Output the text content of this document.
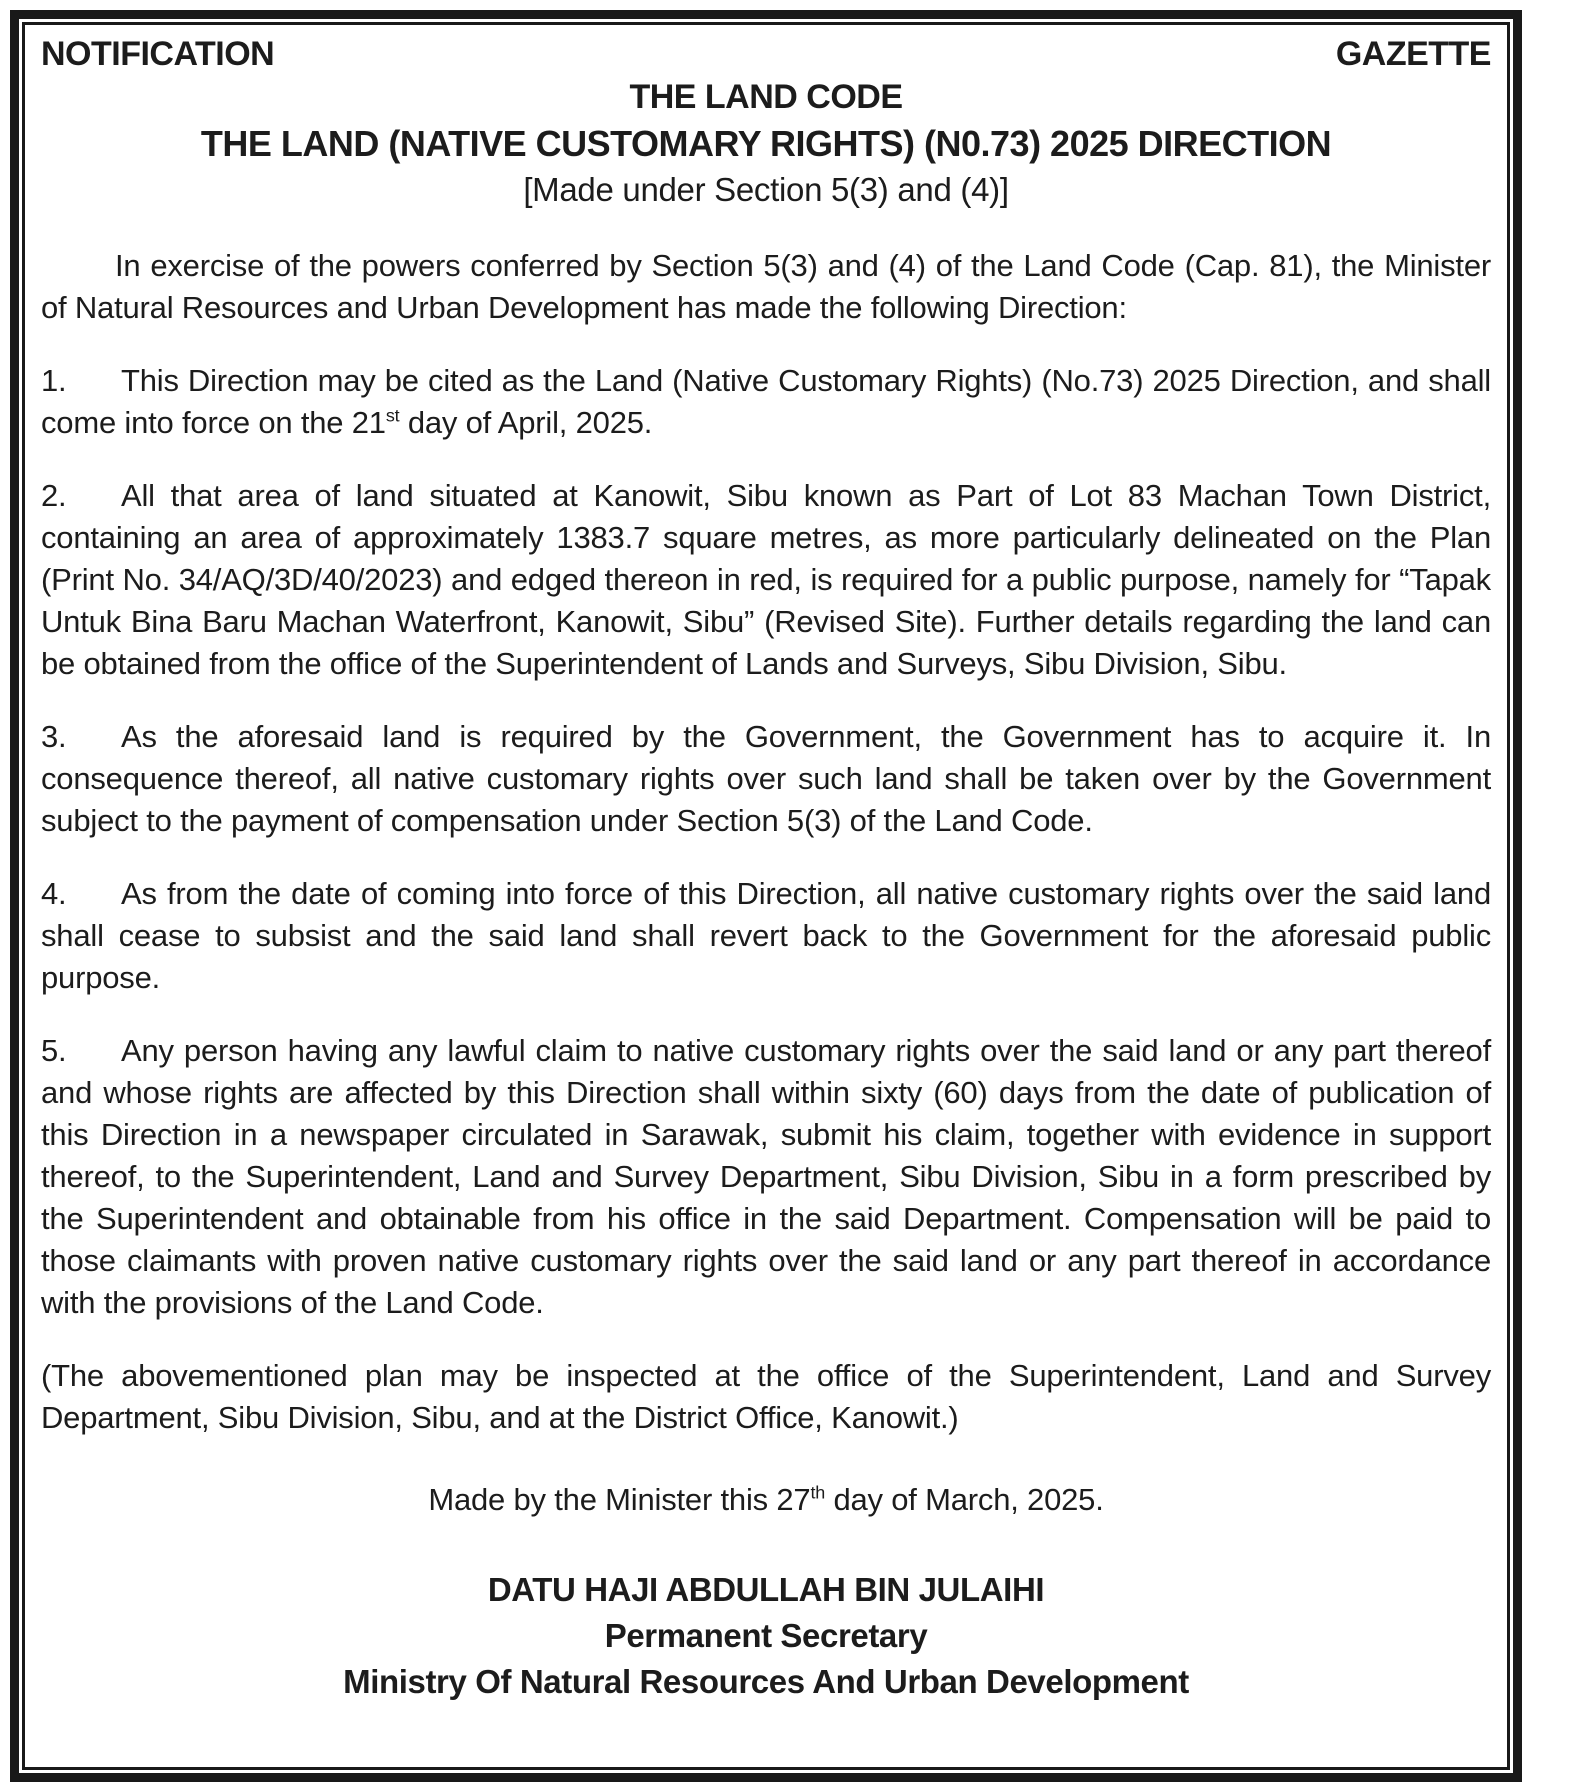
NOTIFICATION	GAZETTE
THE LAND CODE
THE LAND (NATIVE CUSTOMARY RIGHTS) (N0.73) 2025 DIRECTION
[Made under Section 5(3) and (4)]

In exercise of the powers conferred by Section 5(3) and (4) of the Land Code (Cap. 81), the Minister of Natural Resources and Urban Development has made the following Direction:

1. This Direction may be cited as the Land (Native Customary Rights) (No.73) 2025 Direction, and shall come into force on the 21st day of April, 2025.

2. All that area of land situated at Kanowit, Sibu known as Part of Lot 83 Machan Town District, containing an area of approximately 1383.7 square metres, as more particularly delineated on the Plan (Print No. 34/AQ/3D/40/2023) and edged thereon in red, is required for a public purpose, namely for “Tapak Untuk Bina Baru Machan Waterfront, Kanowit, Sibu” (Revised Site). Further details regarding the land can be obtained from the office of the Superintendent of Lands and Surveys, Sibu Division, Sibu.

3. As the aforesaid land is required by the Government, the Government has to acquire it. In consequence thereof, all native customary rights over such land shall be taken over by the Government subject to the payment of compensation under Section 5(3) of the Land Code.

4. As from the date of coming into force of this Direction, all native customary rights over the said land shall cease to subsist and the said land shall revert back to the Government for the aforesaid public purpose.

5. Any person having any lawful claim to native customary rights over the said land or any part thereof and whose rights are affected by this Direction shall within sixty (60) days from the date of publication of this Direction in a newspaper circulated in Sarawak, submit his claim, together with evidence in support thereof, to the Superintendent, Land and Survey Department, Sibu Division, Sibu in a form prescribed by the Superintendent and obtainable from his office in the said Department. Compensation will be paid to those claimants with proven native customary rights over the said land or any part thereof in accordance with the provisions of the Land Code.

(The abovementioned plan may be inspected at the office of the Superintendent, Land and Survey Department, Sibu Division, Sibu, and at the District Office, Kanowit.)

Made by the Minister this 27th day of March, 2025.

DATU HAJI ABDULLAH BIN JULAIHI
Permanent Secretary
Ministry Of Natural Resources And Urban Development
